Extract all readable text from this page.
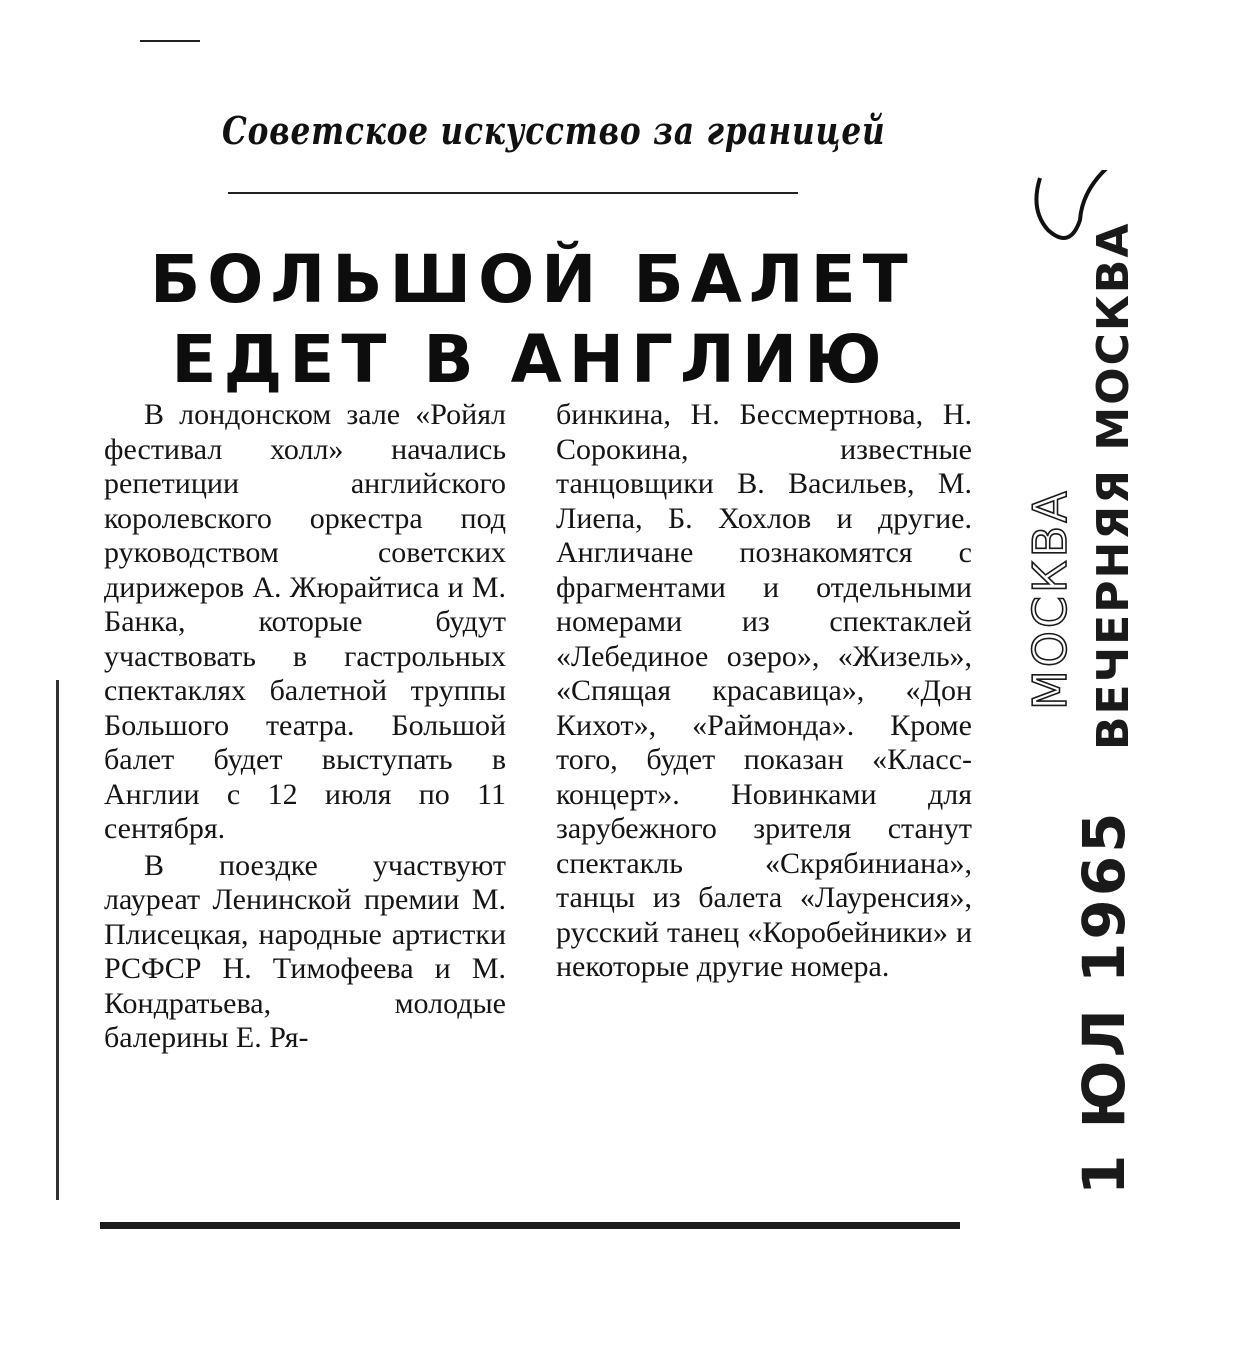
Советское искусство за границей
БОЛЬШОЙ БАЛЕТ
ЕДЕТ В АНГЛИЮ

В лондонском зале «Ройял фестивал холл» начались репетиции английского королевского оркестра под руководством советских дирижеров А. Жюрайтиса и М. Банка, которые будут участвовать в гастрольных спектаклях балетной труппы Большого театра. Большой балет будет выступать в Англии с 12 июля по 11 сентября.

В поездке участвуют лауреат Ленинской премии М. Плисецкая, народные артистки РСФСР Н. Тимофеева и М. Кондратьева, молодые балерины Е. Ря-

бинкина, Н. Бессмертнова, Н. Сорокина, известные танцовщики В. Васильев, М. Лиепа, Б. Хохлов и другие. Англичане познакомятся с фрагментами и отдельными номерами из спектаклей «Лебединое озеро», «Жизель», «Спящая красавица», «Дон Кихот», «Раймонда». Кроме того, будет показан «Класс-концерт». Новинками для зарубежного зрителя станут спектакль «Скрябиниана», танцы из балета «Лауренсия», русский танец «Коробейники» и некоторые другие номера.

ВЕЧЕРНЯЯ МОСКВА
МОСКВА
1 ЮЛ 1965
